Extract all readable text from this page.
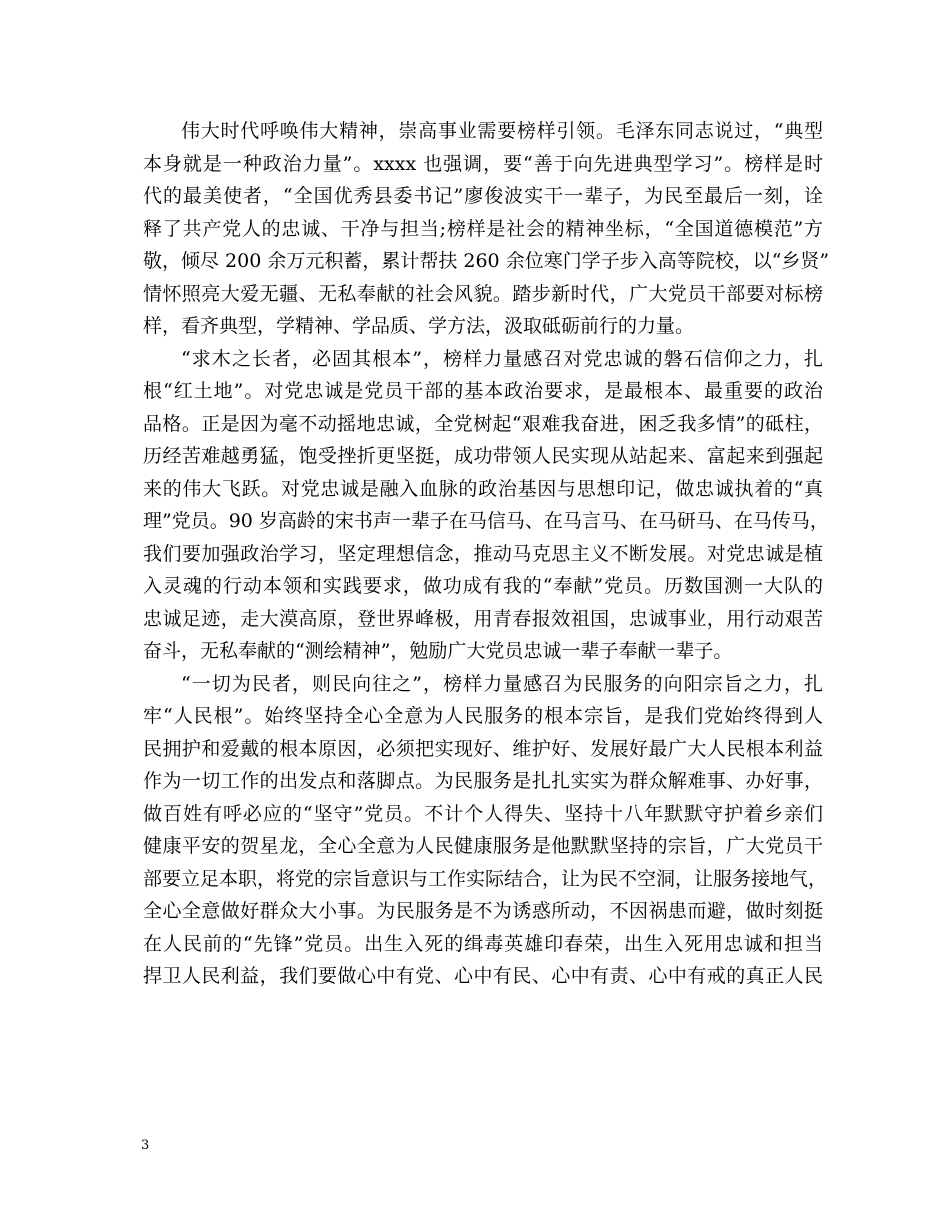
伟大时代呼唤伟大精神，崇高事业需要榜样引领。毛泽东同志说过，“典型
本身就是一种政治力量”。xxxx 也强调，要“善于向先进典型学习”。榜样是时
代的最美使者，“全国优秀县委书记”廖俊波实干一辈子，为民至最后一刻，诠
释了共产党人的忠诚、干净与担当;榜样是社会的精神坐标，“全国道德模范”方
敬，倾尽 200 余万元积蓄，累计帮扶 260 余位寒门学子步入高等院校，以“乡贤”
情怀照亮大爱无疆、无私奉献的社会风貌。踏步新时代，广大党员干部要对标榜
样，看齐典型，学精神、学品质、学方法，汲取砥砺前行的力量。
“求木之长者，必固其根本”，榜样力量感召对党忠诚的磐石信仰之力，扎
根“红土地”。对党忠诚是党员干部的基本政治要求，是最根本、最重要的政治
品格。正是因为毫不动摇地忠诚，全党树起“艰难我奋进，困乏我多情”的砥柱，
历经苦难越勇猛，饱受挫折更坚挺，成功带领人民实现从站起来、富起来到强起
来的伟大飞跃。对党忠诚是融入血脉的政治基因与思想印记，做忠诚执着的“真
理”党员。90 岁高龄的宋书声一辈子在马信马、在马言马、在马研马、在马传马，
我们要加强政治学习，坚定理想信念，推动马克思主义不断发展。对党忠诚是植
入灵魂的行动本领和实践要求，做功成有我的“奉献”党员。历数国测一大队的
忠诚足迹，走大漠高原，登世界峰极，用青春报效祖国，忠诚事业，用行动艰苦
奋斗，无私奉献的“测绘精神”，勉励广大党员忠诚一辈子奉献一辈子。
“一切为民者，则民向往之”，榜样力量感召为民服务的向阳宗旨之力，扎
牢“人民根”。始终坚持全心全意为人民服务的根本宗旨，是我们党始终得到人
民拥护和爱戴的根本原因，必须把实现好、维护好、发展好最广大人民根本利益
作为一切工作的出发点和落脚点。为民服务是扎扎实实为群众解难事、办好事，
做百姓有呼必应的“坚守”党员。不计个人得失、坚持十八年默默守护着乡亲们
健康平安的贺星龙，全心全意为人民健康服务是他默默坚持的宗旨，广大党员干
部要立足本职，将党的宗旨意识与工作实际结合，让为民不空洞，让服务接地气，
全心全意做好群众大小事。为民服务是不为诱惑所动，不因祸患而避，做时刻挺
在人民前的“先锋”党员。出生入死的缉毒英雄印春荣，出生入死用忠诚和担当
捍卫人民利益，我们要做心中有党、心中有民、心中有责、心中有戒的真正人民
3
